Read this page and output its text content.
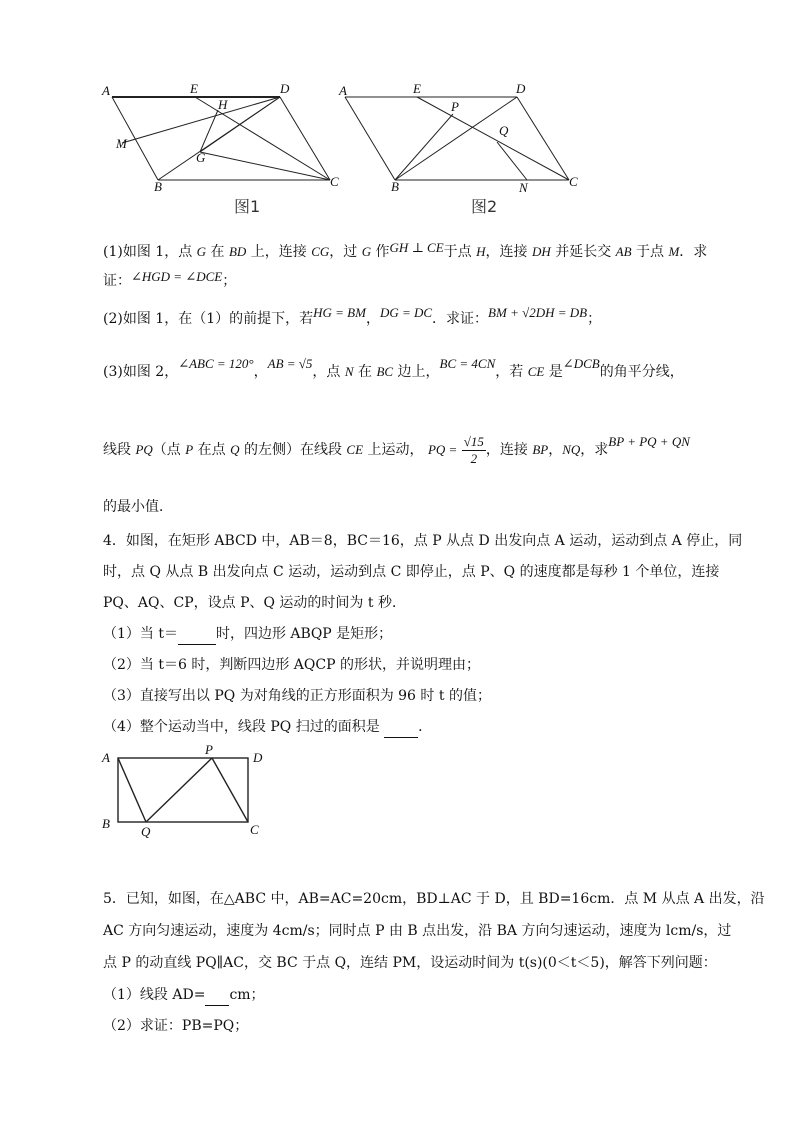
A	E	D
H
M
G
B	C
图1
A	E	D
P
Q
B	N	C
图2
(1)如图 1，点 G 在 BD 上，连接 CG，过 G 作GH ⊥ CE于点 H，连接 DH 并延长交 AB 于点 M．求
证：∠HGD = ∠DCE；
(2)如图 1，在（1）的前提下，若HG = BM，DG = DC．求证：BM + √2DH = DB；
(3)如图 2，∠ABC = 120°，AB = √5，点 N 在 BC 边上，BC = 4CN，若 CE 是∠DCB的角平分线，
线段 PQ（点 P 在点 Q 的左侧）在线段 CE 上运动， PQ = $\frac{√15}{2}$ ，连接 BP，NQ，求BP + PQ + QN
的最小值．
4．如图，在矩形 ABCD 中，AB＝8，BC＝16，点 P 从点 D 出发向点 A 运动，运动到点 A 停止，同
时，点 Q 从点 B 出发向点 C 运动，运动到点 C 即停止，点 P、Q 的速度都是每秒 1 个单位，连接
PQ、AQ、CP，设点 P、Q 运动的时间为 t 秒．
（1）当 t＝	时，四边形 ABQP 是矩形；
（2）当 t＝6 时，判断四边形 AQCP 的形状，并说明理由；
（3）直接写出以 PQ 为对角线的正方形面积为 96 时 t 的值；
（4）整个运动当中，线段 PQ 扫过的面积是  ．
A
P
D
B
Q	C
5．已知，如图，在△ABC 中，AB=AC=20cm，BD⊥AC 于 D，且 BD=16cm．点 M 从点 A 出发，沿
AC 方向匀速运动，速度为 4cm/s；同时点 P 由 B 点出发，沿 BA 方向匀速运动，速度为 lcm/s，过
点 P 的动直线 PQ∥AC，交 BC 于点 Q，连结 PM，设运动时间为 t(s)(0＜t＜5)，解答下列问题：
（1）线段 AD= cm；
（2）求证：PB=PQ；
